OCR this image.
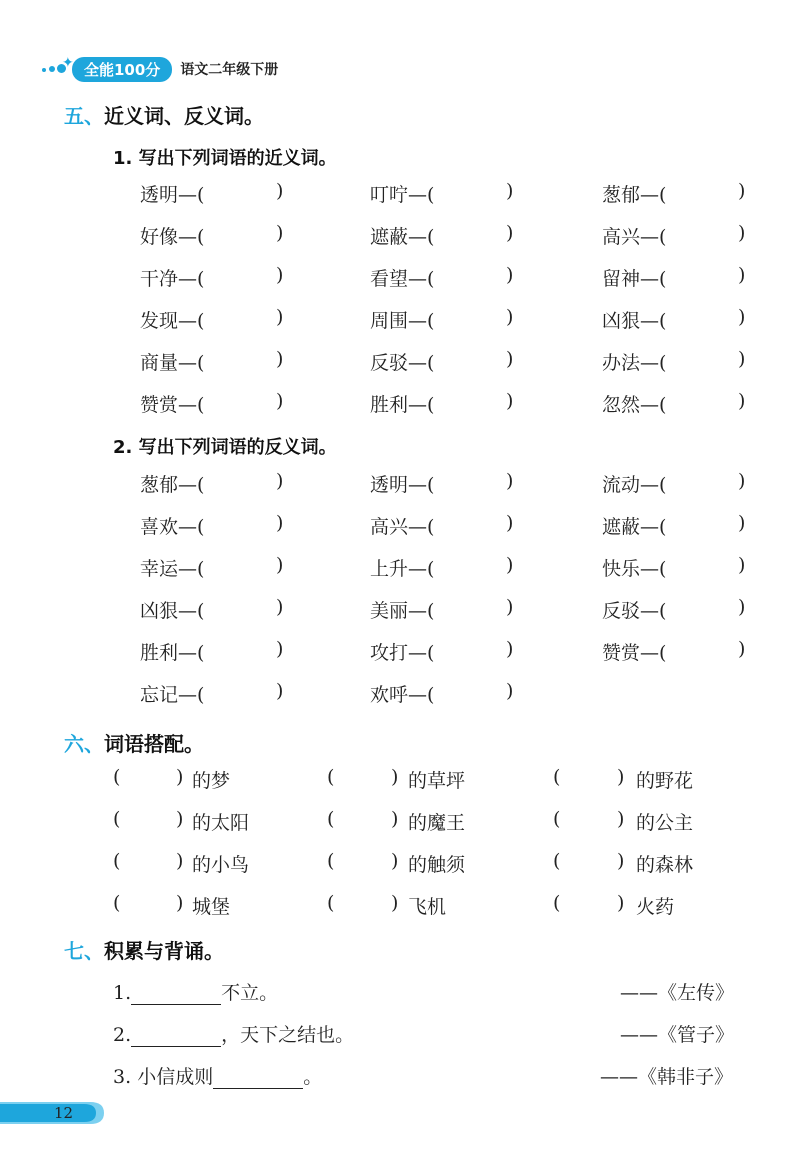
✦ 全能100分	语文二年级下册
五、近义词、反义词。
1. 写出下列词语的近义词。
透明—(	)	叮咛—(	)	葱郁—(	)
好像—(	)	遮蔽—(	)	高兴—(	)
干净—(	)	看望—(	)	留神—(	)
发现—(	)	周围—(	)	凶狠—(	)
商量—(	)	反驳—(	)	办法—(	)
赞赏—(	)	胜利—(	)	忽然—(	)
2. 写出下列词语的反义词。
葱郁—(	)	透明—(	)	流动—(	)
喜欢—(	)	高兴—(	)	遮蔽—(	)
幸运—(	)	上升—(	)	快乐—(	)
凶狠—(	)	美丽—(	)	反驳—(	)
胜利—(	)	攻打—(	)	赞赏—(	)
忘记—(	)	欢呼—(	)
六、词语搭配。
(	) 的梦	(	) 的草坪	(	) 的野花
(	) 的太阳	(	) 的魔王	(	) 的公主
(	) 的小鸟	(	) 的触须	(	) 的森林
(	) 城堡	(	) 飞机	(	) 火药
七、积累与背诵。
1.	不立。	——《左传》
2.	，天下之结也。	——《管子》
3. 小信成则	。	——《韩非子》
12
